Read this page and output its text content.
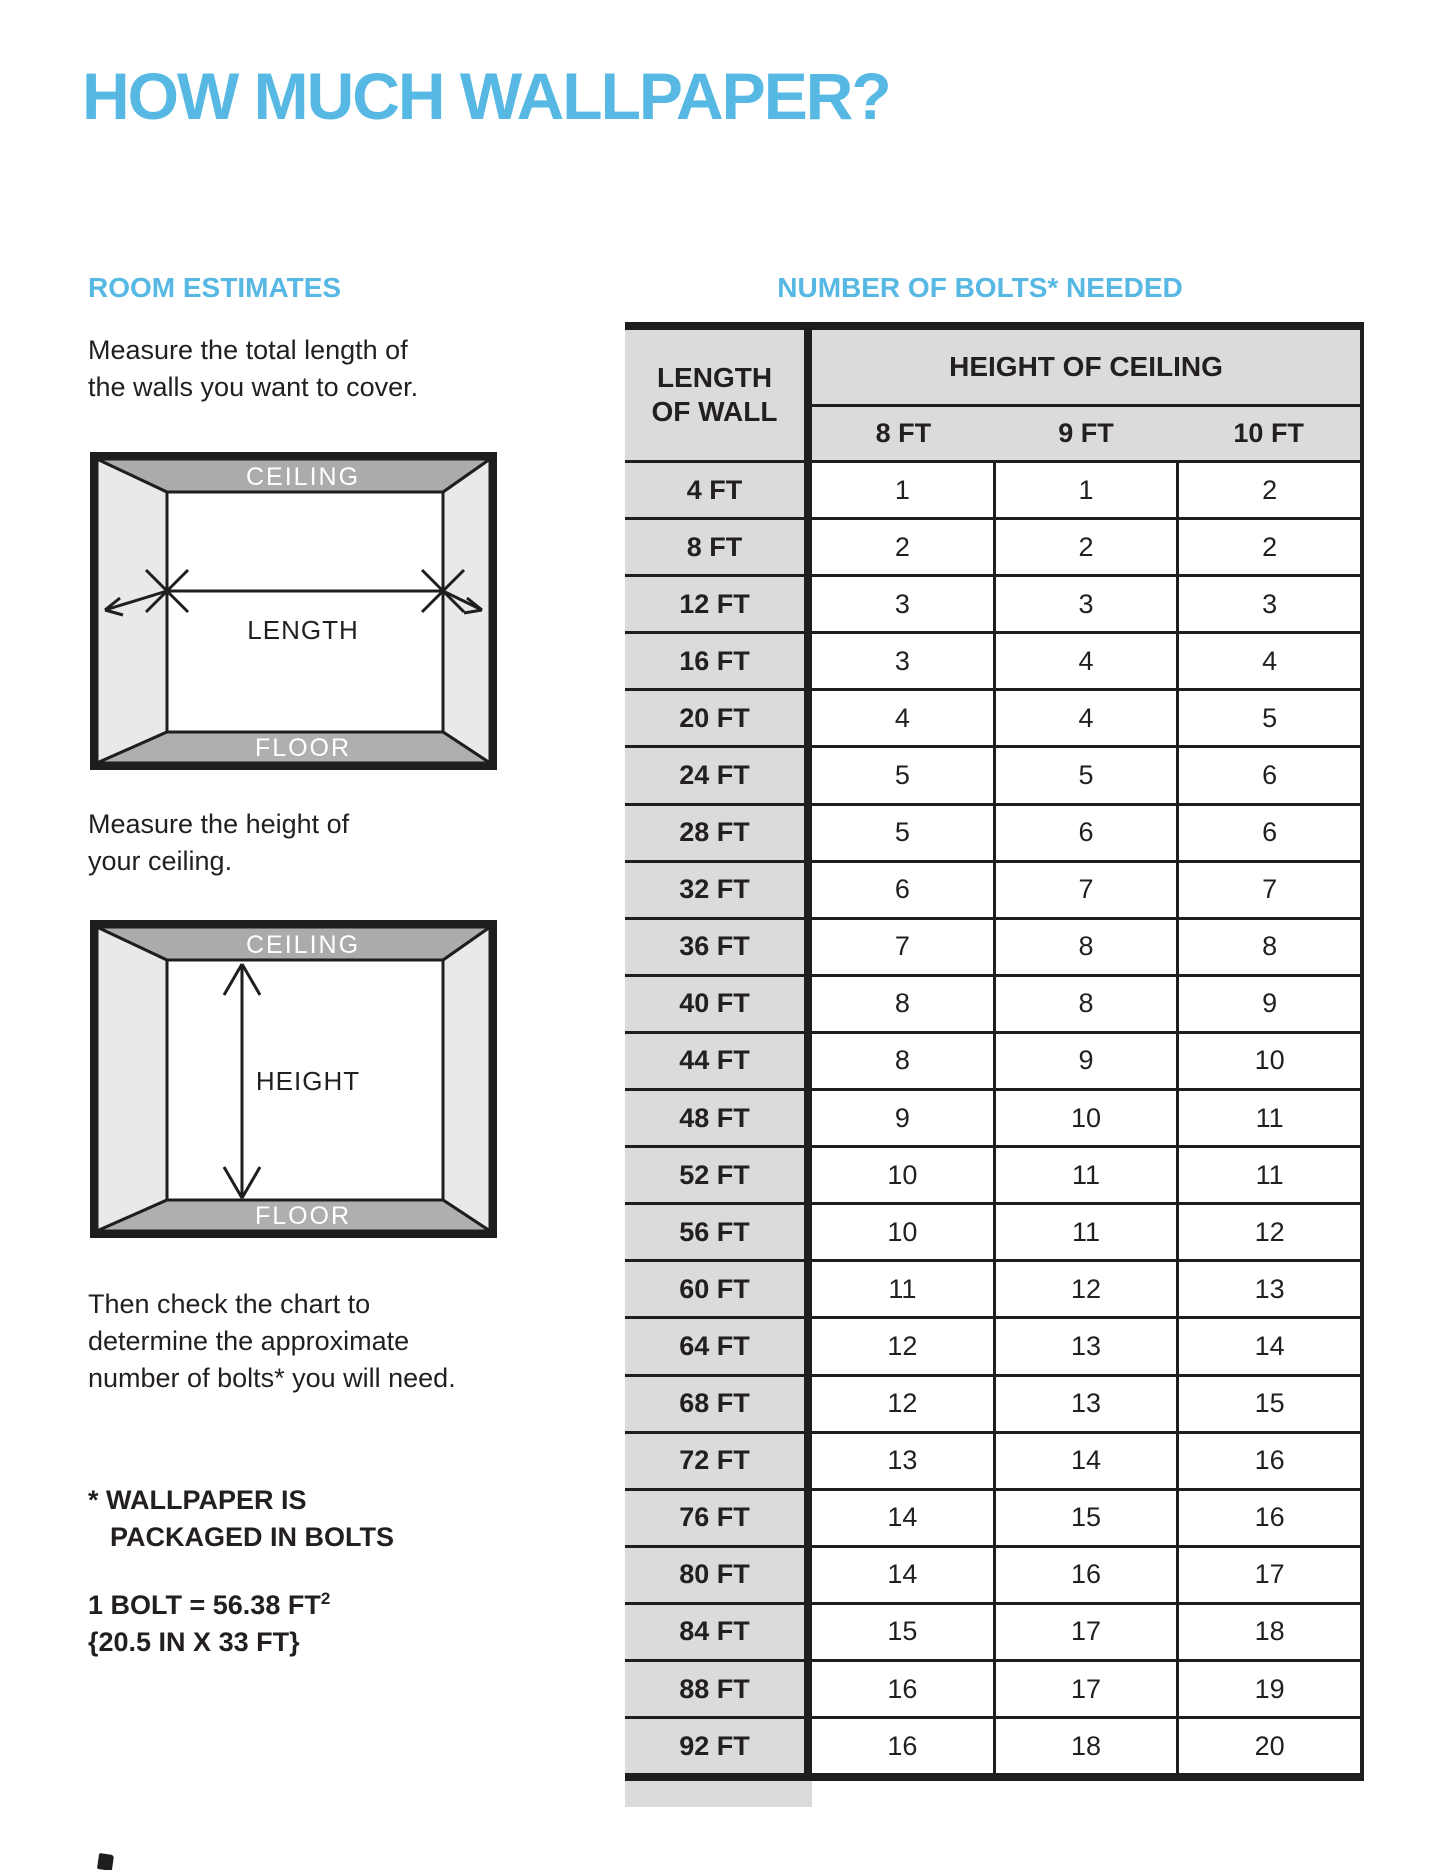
HOW MUCH WALLPAPER?
ROOM ESTIMATES
Measure the total length of
the walls you want to cover.
CEILING
FLOOR
LENGTH
Measure the height of
your ceiling.
CEILING
FLOOR
HEIGHT
Then check the chart to
determine the approximate
number of bolts* you will need.
* WALLPAPER IS
PACKAGED IN BOLTS
1 BOLT = 56.38 $FT^2$
{20.5 IN X 33 FT}
NUMBER OF BOLTS* NEEDED
LENGTH
OF WALL
HEIGHT OF CEILING
8 FT	9 FT	10 FT
4 FT	1	1	2
8 FT	2	2	2
12 FT	3	3	3
16 FT	3	4	4
20 FT	4	4	5
24 FT	5	5	6
28 FT	5	6	6
32 FT	6	7	7
36 FT	7	8	8
40 FT	8	8	9
44 FT	8	9	10
48 FT	9	10	11
52 FT	10	11	11
56 FT	10	11	12
60 FT	11	12	13
64 FT	12	13	14
68 FT	12	13	15
72 FT	13	14	16
76 FT	14	15	16
80 FT	14	16	17
84 FT	15	17	18
88 FT	16	17	19
92 FT	16	18	20
